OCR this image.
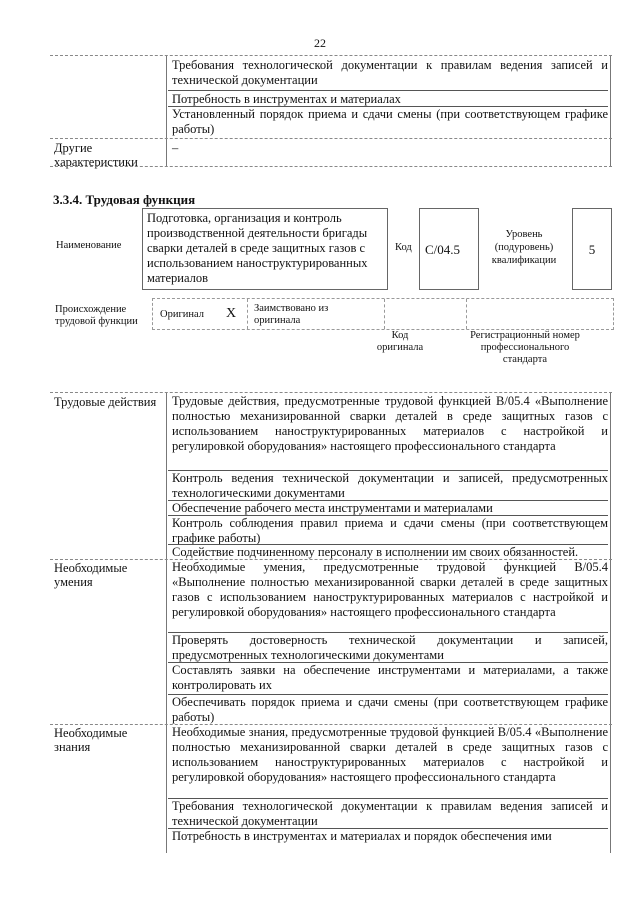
22
Требования технологической документации к правилам ведения записей и технической документации
Потребность в инструментах и материалах
Установленный порядок приема и сдачи смены (при соответствующем графике работы)
Другие характеристики
–
3.3.4. Трудовая функция
Наименование
Подготовка, организация и контроль производственной деятельности бригады сварки деталей в среде защитных газов с использованием наноструктурированных материалов
Код С/04.5
Уровень (подуровень) квалификации
5
Происхождение трудовой функции
Оригинал X Заимствовано из оригинала
Код оригинала
Регистрационный номер профессионального стандарта
Трудовые действия Трудовые действия, предусмотренные трудовой функцией В/05.4 «Выполнение полностью механизированной сварки деталей в среде защитных газов с использованием наноструктурированных материалов с настройкой и регулировкой оборудования» настоящего профессионального стандарта
Контроль ведения технической документации и записей, предусмотренных технологическими документами
Обеспечение рабочего места инструментами и материалами
Контроль соблюдения правил приема и сдачи смены (при соответствующем графике работы)
Содействие подчиненному персоналу в исполнении им своих обязанностей.
Необходимые умения
Необходимые умения, предусмотренные трудовой функцией В/05.4 «Выполнение полностью механизированной сварки деталей в среде защитных газов с использованием наноструктурированных материалов с настройкой и регулировкой оборудования» настоящего профессионального стандарта
Проверять достоверность технической документации и записей, предусмотренных технологическими документами
Составлять заявки на обеспечение инструментами и материалами, а также контролировать их
Обеспечивать порядок приема и сдачи смены (при соответствующем графике работы)
Необходимые знания
Необходимые знания, предусмотренные трудовой функцией В/05.4 «Выполнение полностью механизированной сварки деталей в среде защитных газов с использованием наноструктурированных материалов с настройкой и регулировкой оборудования» настоящего профессионального стандарта
Требования технологической документации к правилам ведения записей и технической документации
Потребность в инструментах и материалах и порядок обеспечения ими
